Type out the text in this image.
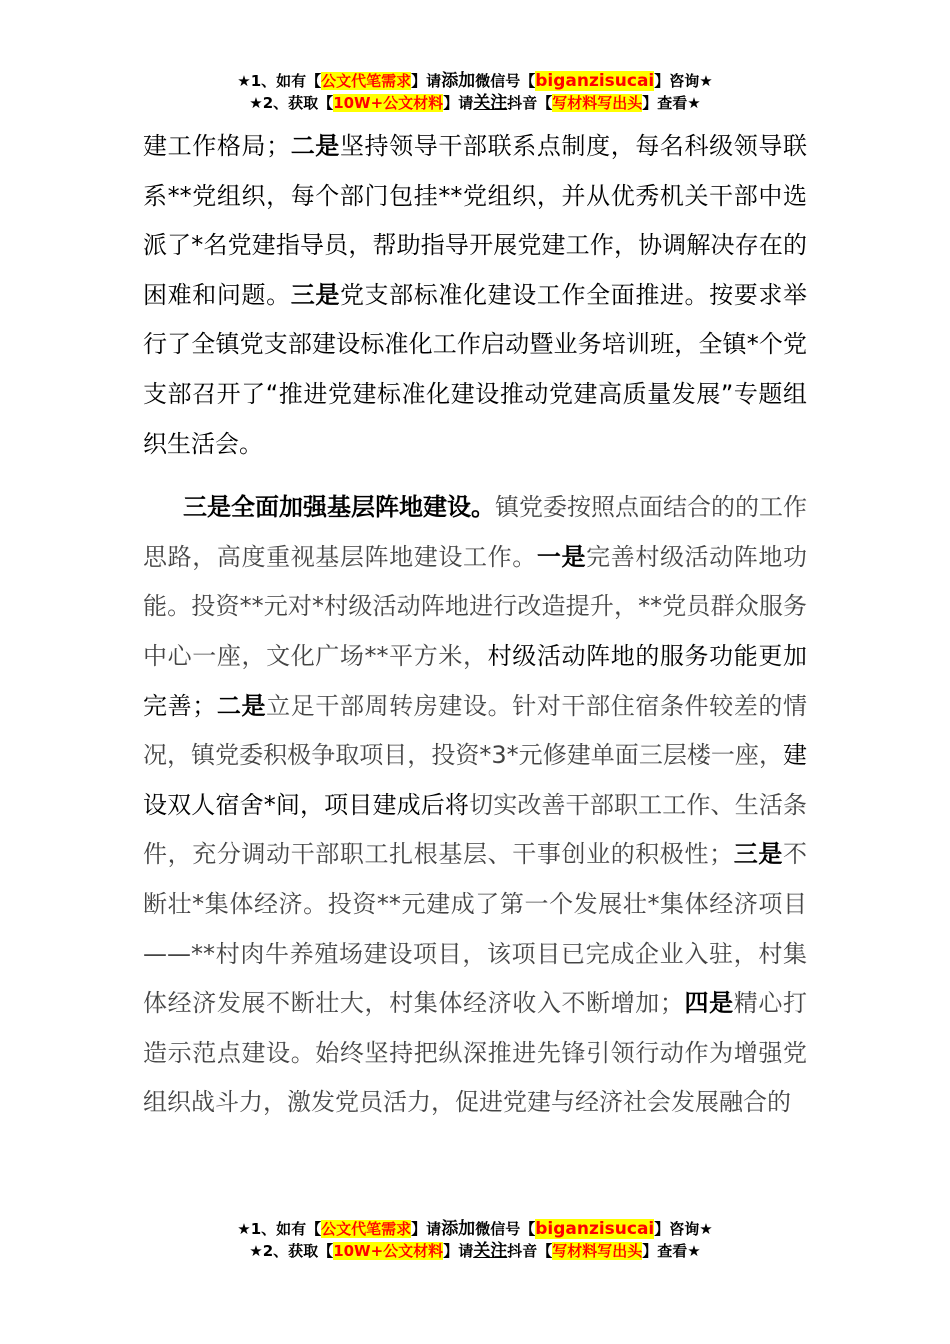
★1、如有【公文代笔需求】请添加微信号【biganzisucai】咨询★
★2、获取【10W+公文材料】请关注抖音【写材料写出头】查看★

建工作格局；二是坚持领导干部联系点制度，每名科级领导联系**党组织，每个部门包挂**党组织，并从优秀机关干部中选派了*名党建指导员，帮助指导开展党建工作，协调解决存在的困难和问题。三是党支部标准化建设工作全面推进。按要求举行了全镇党支部建设标准化工作启动暨业务培训班，全镇*个党支部召开了“推进党建标准化建设推动党建高质量发展”专题组织生活会。

三是全面加强基层阵地建设。镇党委按照点面结合的的工作思路，高度重视基层阵地建设工作。一是完善村级活动阵地功能。投资**元对*村级活动阵地进行改造提升，**党员群众服务中心一座，文化广场**平方米，村级活动阵地的服务功能更加完善；二是立足干部周转房建设。针对干部住宿条件较差的情况，镇党委积极争取项目，投资*3*元修建单面三层楼一座，建设双人宿舍*间，项目建成后将切实改善干部职工工作、生活条件，充分调动干部职工扎根基层、干事创业的积极性；三是不断壮*集体经济。投资**元建成了第一个发展壮*集体经济项目——**村肉牛养殖场建设项目，该项目已完成企业入驻，村集体经济发展不断壮大，村集体经济收入不断增加；四是精心打造示范点建设。始终坚持把纵深推进先锋引领行动作为增强党组织战斗力，激发党员活力，促进党建与经济社会发展融合的

★1、如有【公文代笔需求】请添加微信号【biganzisucai】咨询★
★2、获取【10W+公文材料】请关注抖音【写材料写出头】查看★
